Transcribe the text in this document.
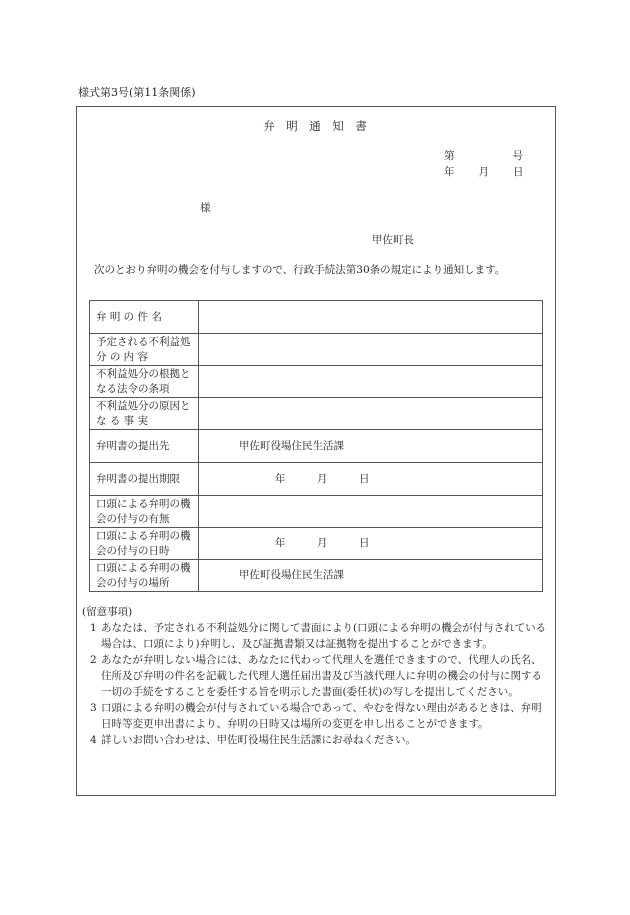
様式第3号(第11条関係)
弁　明　通　知　書
第	号
年 月 日
様
甲佐町長
次のとおり弁明の機会を付与しますので、行政手続法第30条の規定により通知します。
弁 明 の 件 名	
予定される不利益処 分 の 内 容	
不利益処分の根拠となる法令の条項	
不利益処分の原因と な る 事 実	
弁明書の提出先	甲佐町役場住民生活課
弁明書の提出期限	年　　　月　　　日
口頭による弁明の機会の付与の有無	
口頭による弁明の機会の付与の日時	年　　　月　　　日
口頭による弁明の機会の付与の場所	甲佐町役場住民生活課
(留意事項)

1 あなたは、予定される不利益処分に関して書面により(口頭による弁明の機会が付与されている場合は、口頭により)弁明し、及び証拠書類又は証拠物を提出することができます。

2 あなたが弁明しない場合には、あなたに代わって代理人を選任できますので、代理人の氏名、住所及び弁明の件名を記載した代理人選任届出書及び当該代理人に弁明の機会の付与に関する一切の手続をすることを委任する旨を明示した書面(委任状)の写しを提出してください。

3 口頭による弁明の機会が付与されている場合であって、やむを得ない理由があるときは、弁明日時等変更申出書により、弁明の日時又は場所の変更を申し出ることができます。

4 詳しいお問い合わせは、甲佐町役場住民生活課にお尋ねください。
